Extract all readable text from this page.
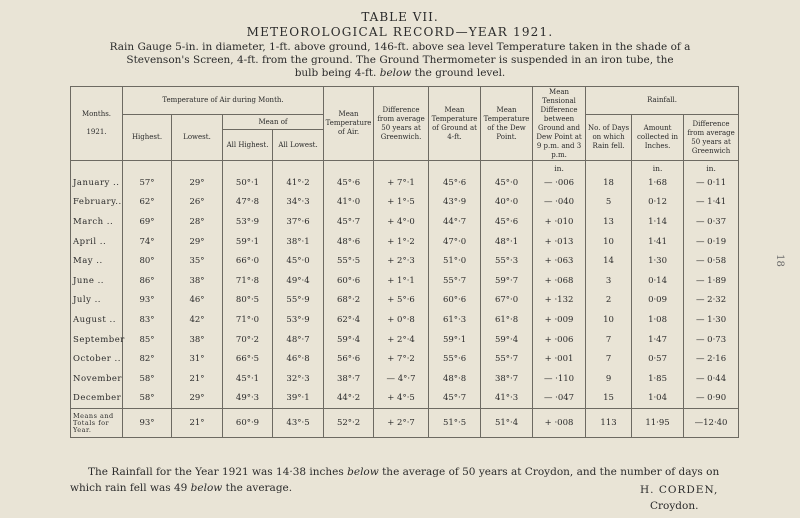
TABLE VII.
METEOROLOGICAL RECORD—YEAR 1921.
Rain Gauge 5-in. in diameter, 1-ft. above ground, 146-ft. above sea level Temperature taken in the shade of a
Stevenson's Screen, 4-ft. from the ground. The Ground Thermometer is suspended in an iron tube, the
bulb being 4-ft. below the ground level.
Months.

1921.	Temperature of Air during Month.				Mean Temperature of Air.	Difference from average 50 years at Greenwich.	Mean Temperature of Ground at 4-ft.	Mean Temperature of the Dew Point.	Mean Tensional Difference between Ground and Dew Point at 9 p.m. and 3 p.m.	Rainfall.		
	Highest.	Lowest.	Mean of							No. of Days on which Rain fell.	Amount collected in Inches.	Difference from average 50 years at Greenwich
			All Highest.	All Lowest.								
									in.		in.	in.
January ..	57°	29°	50°·1	41°·2	45°·6	+ 7°·1	45°·6	45°·0	— ·006	18	1·68	— 0·11
February..	62°	26°	47°·8	34°·3	41°·0	+ 1°·5	43°·9	40°·0	— ·040	5	0·12	— 1·41
March ..	69°	28°	53°·9	37°·6	45°·7	+ 4°·0	44°·7	45°·6	+ ·010	13	1·14	— 0·37
April ..	74°	29°	59°·1	38°·1	48°·6	+ 1°·2	47°·0	48°·1	+ ·013	10	1·41	— 0·19
May ..	80°	35°	66°·0	45°·0	55°·5	+ 2°·3	51°·0	55°·3	+ ·063	14	1·30	— 0·58
June ..	86°	38°	71°·8	49°·4	60°·6	+ 1°·1	55°·7	59°·7	+ ·068	3	0·14	— 1·89
July ..	93°	46°	80°·5	55°·9	68°·2	+ 5°·6	60°·6	67°·0	+ ·132	2	0·09	— 2·32
August ..	83°	42°	71°·0	53°·9	62°·4	+ 0°·8	61°·3	61°·8	+ ·009	10	1·08	— 1·30
September	85°	38°	70°·2	48°·7	59°·4	+ 2°·4	59°·1	59°·4	+ ·006	7	1·47	— 0·73
October ..	82°	31°	66°·5	46°·8	56°·6	+ 7°·2	55°·6	55°·7	+ ·001	7	0·57	— 2·16
November	58°	21°	45°·1	32°·3	38°·7	— 4°·7	48°·8	38°·7	— ·110	9	1·85	— 0·44
December	58°	29°	49°·3	39°·1	44°·2	+ 4°·5	45°·7	41°·3	— ·047	15	1·04	— 0·90
Means and Totals for Year.	93°	21°	60°·9	43°·5	52°·2	+ 2°·7	51°·5	51°·4	+ ·008	113	11·95	—12·40
The Rainfall for the Year 1921 was 14·38 inches below the average of 50 years at Croydon, and the number of days on
which rain fell was 49 below the average.	H. CORDEN,
Croydon.
18
